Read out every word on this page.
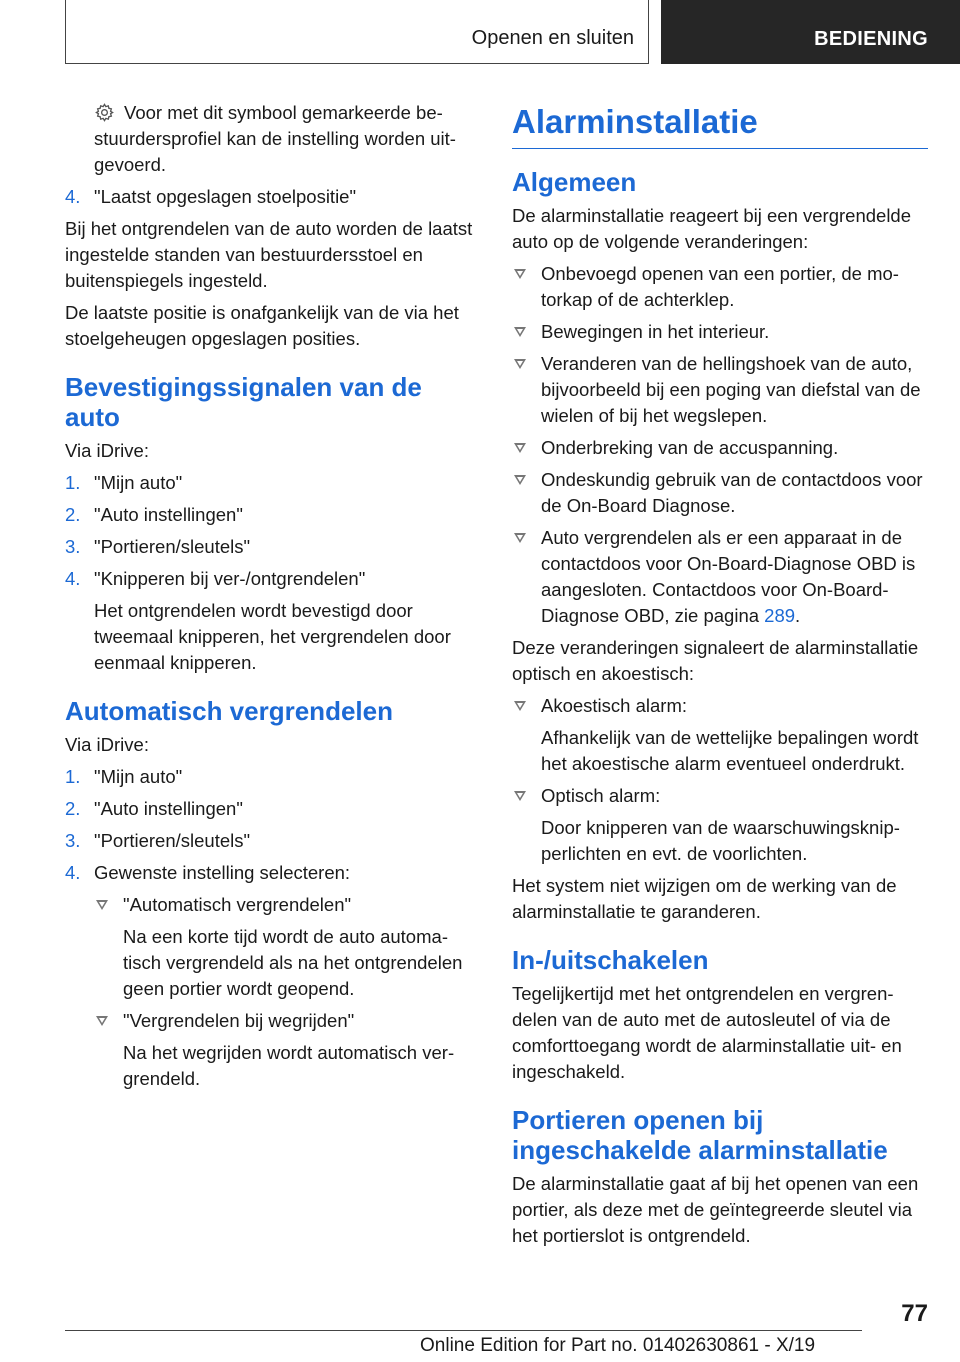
Openen en sluiten	BEDIENING

Voor met dit symbool gemarkeerde be-

stuurdersprofiel kan de instelling worden uit-

gevoerd.

4. "Laatst opgeslagen stoelpositie"

Bij het ontgrendelen van de auto worden de laatst ingestelde standen van bestuurdersstoel en buitenspiegels ingesteld.

De laatste positie is onafgankelijk van de via het stoelgeheugen opgeslagen posities.

Bevestigingssignalen van de auto

Via iDrive:

1. "Mijn auto"
2. "Auto instellingen"
3. "Portieren/sleutels"
4. "Knipperen bij ver-/ontgrendelen"

Het ontgrendelen wordt bevestigd door tweemaal knipperen, het vergrendelen door eenmaal knipperen.

Automatisch vergrendelen

Via iDrive:

1. "Mijn auto"
2. "Auto instellingen"
3. "Portieren/sleutels"
4. Gewenste instelling selecteren:
"Automatisch vergrendelen"

Na een korte tijd wordt de auto automatisch vergrendeld als na het ontgrendelen geen portier wordt geopend.

"Vergrendelen bij wegrijden"

Na het wegrijden wordt automatisch vergrendeld.

Alarminstallatie
Algemeen

De alarminstallatie reageert bij een vergrendelde auto op de volgende veranderingen:

Onbevoegd openen van een portier, de motorkap of de achterklep.
Bewegingen in het interieur.
Veranderen van de hellingshoek van de auto, bijvoorbeeld bij een poging van diefstal van de wielen of bij het wegslepen.
Onderbreking van de accuspanning.
Ondeskundig gebruik van de contactdoos voor de On-Board Diagnose.
Auto vergrendelen als er een apparaat in de contactdoos voor On-Board-Diagnose OBD is aangesloten. Contactdoos voor On-Board-Diagnose OBD, zie pagina 289.

Deze veranderingen signaleert de alarminstallatie optisch en akoestisch:

Akoestisch alarm:

Afhankelijk van de wettelijke bepalingen wordt het akoestische alarm eventueel onderdrukt.

Optisch alarm:

Door knipperen van de waarschuwingsknipperlichten en evt. de voorlichten.

Het system niet wijzigen om de werking van de alarminstallatie te garanderen.

In-/uitschakelen

Tegelijkertijd met het ontgrendelen en vergrendelen van de auto met de autosleutel of via de comforttoegang wordt de alarminstallatie uit- en ingeschakeld.

Portieren openen bij ingeschakelde alarminstallatie

De alarminstallatie gaat af bij het openen van een portier, als deze met de geïntegreerde sleutel via het portierslot is ontgrendeld.

77
Online Edition for Part no. 01402630861 - X/19
